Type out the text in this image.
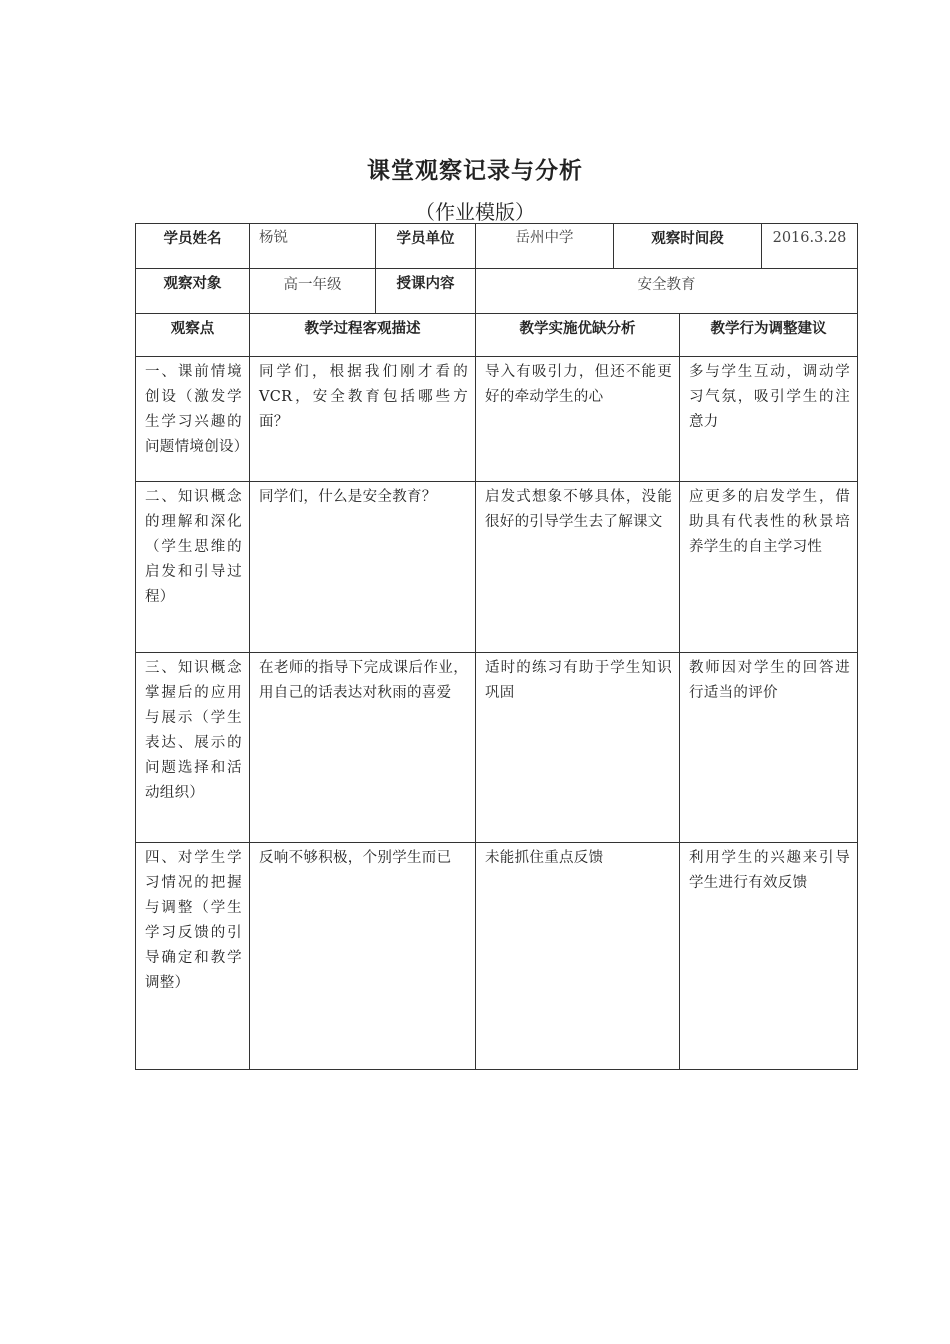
课堂观察记录与分析
（作业模版）
学员姓名	杨锐	学员单位	岳州中学	观察时间段		2016.3.28
观察对象	高一年级	授课内容	安全教育			
观察点	教学过程客观描述		教学实施优缺分析		教学行为调整建议	
一、课前情境创设（激发学生学习兴趣的问题情境创设）	同学们，根据我们刚才看的VCR，安全教育包括哪些方面？		导入有吸引力，但还不能更好的牵动学生的心		多与学生互动，调动学习气氛，吸引学生的注意力	
二、知识概念的理解和深化（学生思维的启发和引导过程）	同学们，什么是安全教育？		启发式想象不够具体，没能很好的引导学生去了解课文		应更多的启发学生，借助具有代表性的秋景培养学生的自主学习性	
三、知识概念掌握后的应用与展示（学生表达、展示的问题选择和活动组织）	在老师的指导下完成课后作业，用自己的话表达对秋雨的喜爱		适时的练习有助于学生知识巩固		教师因对学生的回答进行适当的评价	
四、对学生学习情况的把握与调整（学生学习反馈的引导确定和教学调整）	反响不够积极，个别学生而已		未能抓住重点反馈		利用学生的兴趣来引导学生进行有效反馈	
